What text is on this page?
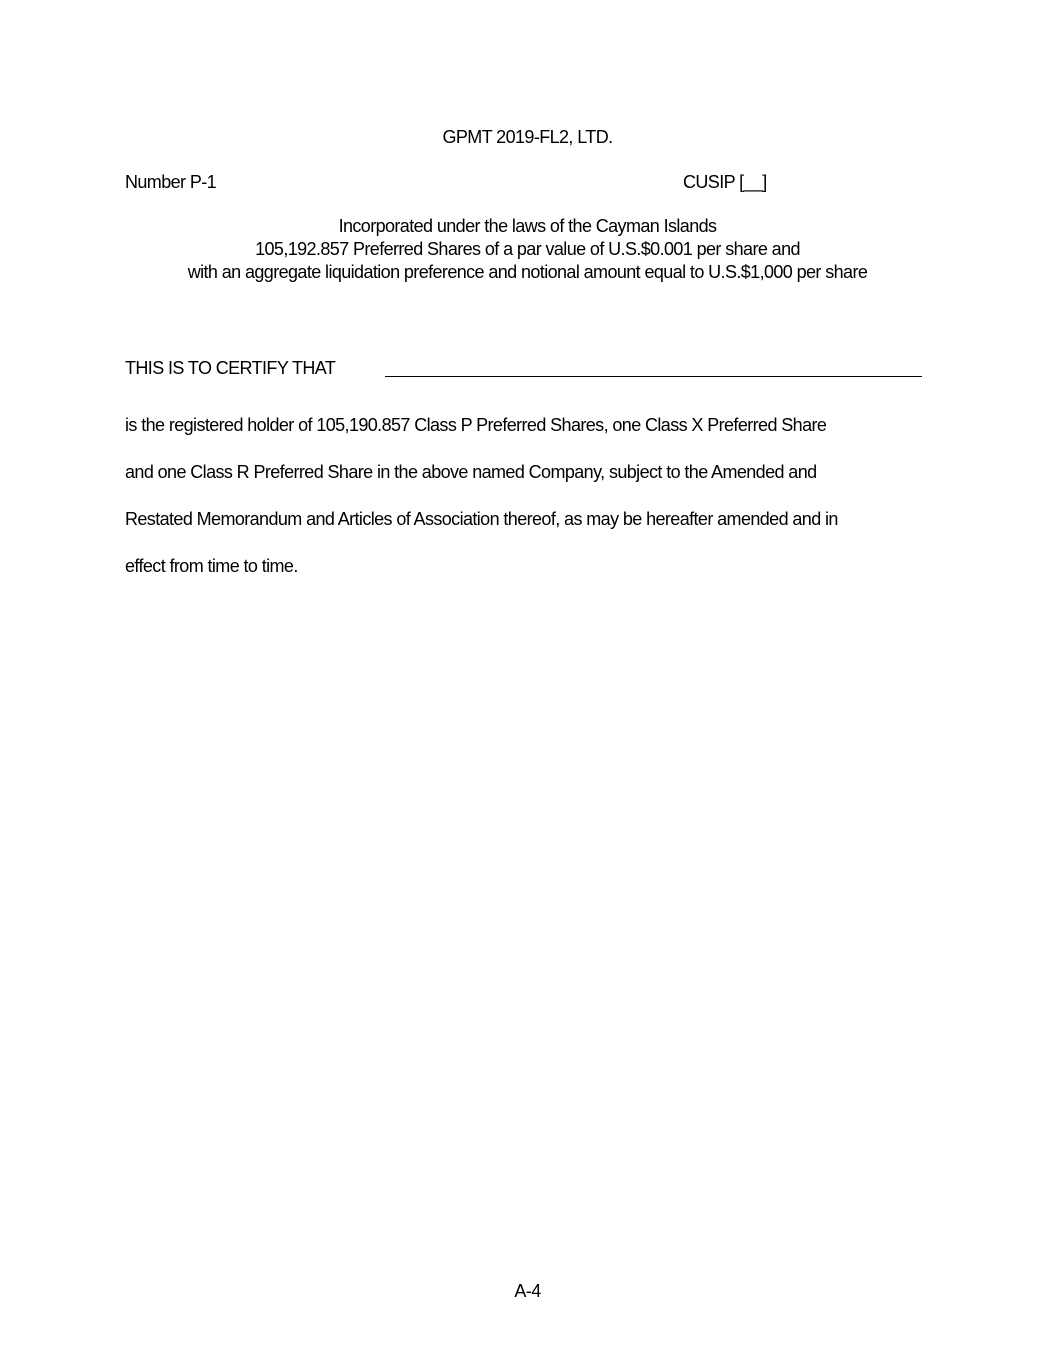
GPMT 2019-FL2, LTD.
Number P-1	CUSIP [__]
Incorporated under the laws of the Cayman Islands
105,192.857 Preferred Shares of a par value of U.S.$0.001 per share and
with an aggregate liquidation preference and notional amount equal to U.S.$1,000 per share
THIS IS TO CERTIFY THAT
is the registered holder of 105,190.857 Class P Preferred Shares, one Class X Preferred Share
and one Class R Preferred Share in the above named Company, subject to the Amended and
Restated Memorandum and Articles of Association thereof, as may be hereafter amended and in
effect from time to time.
A-4
